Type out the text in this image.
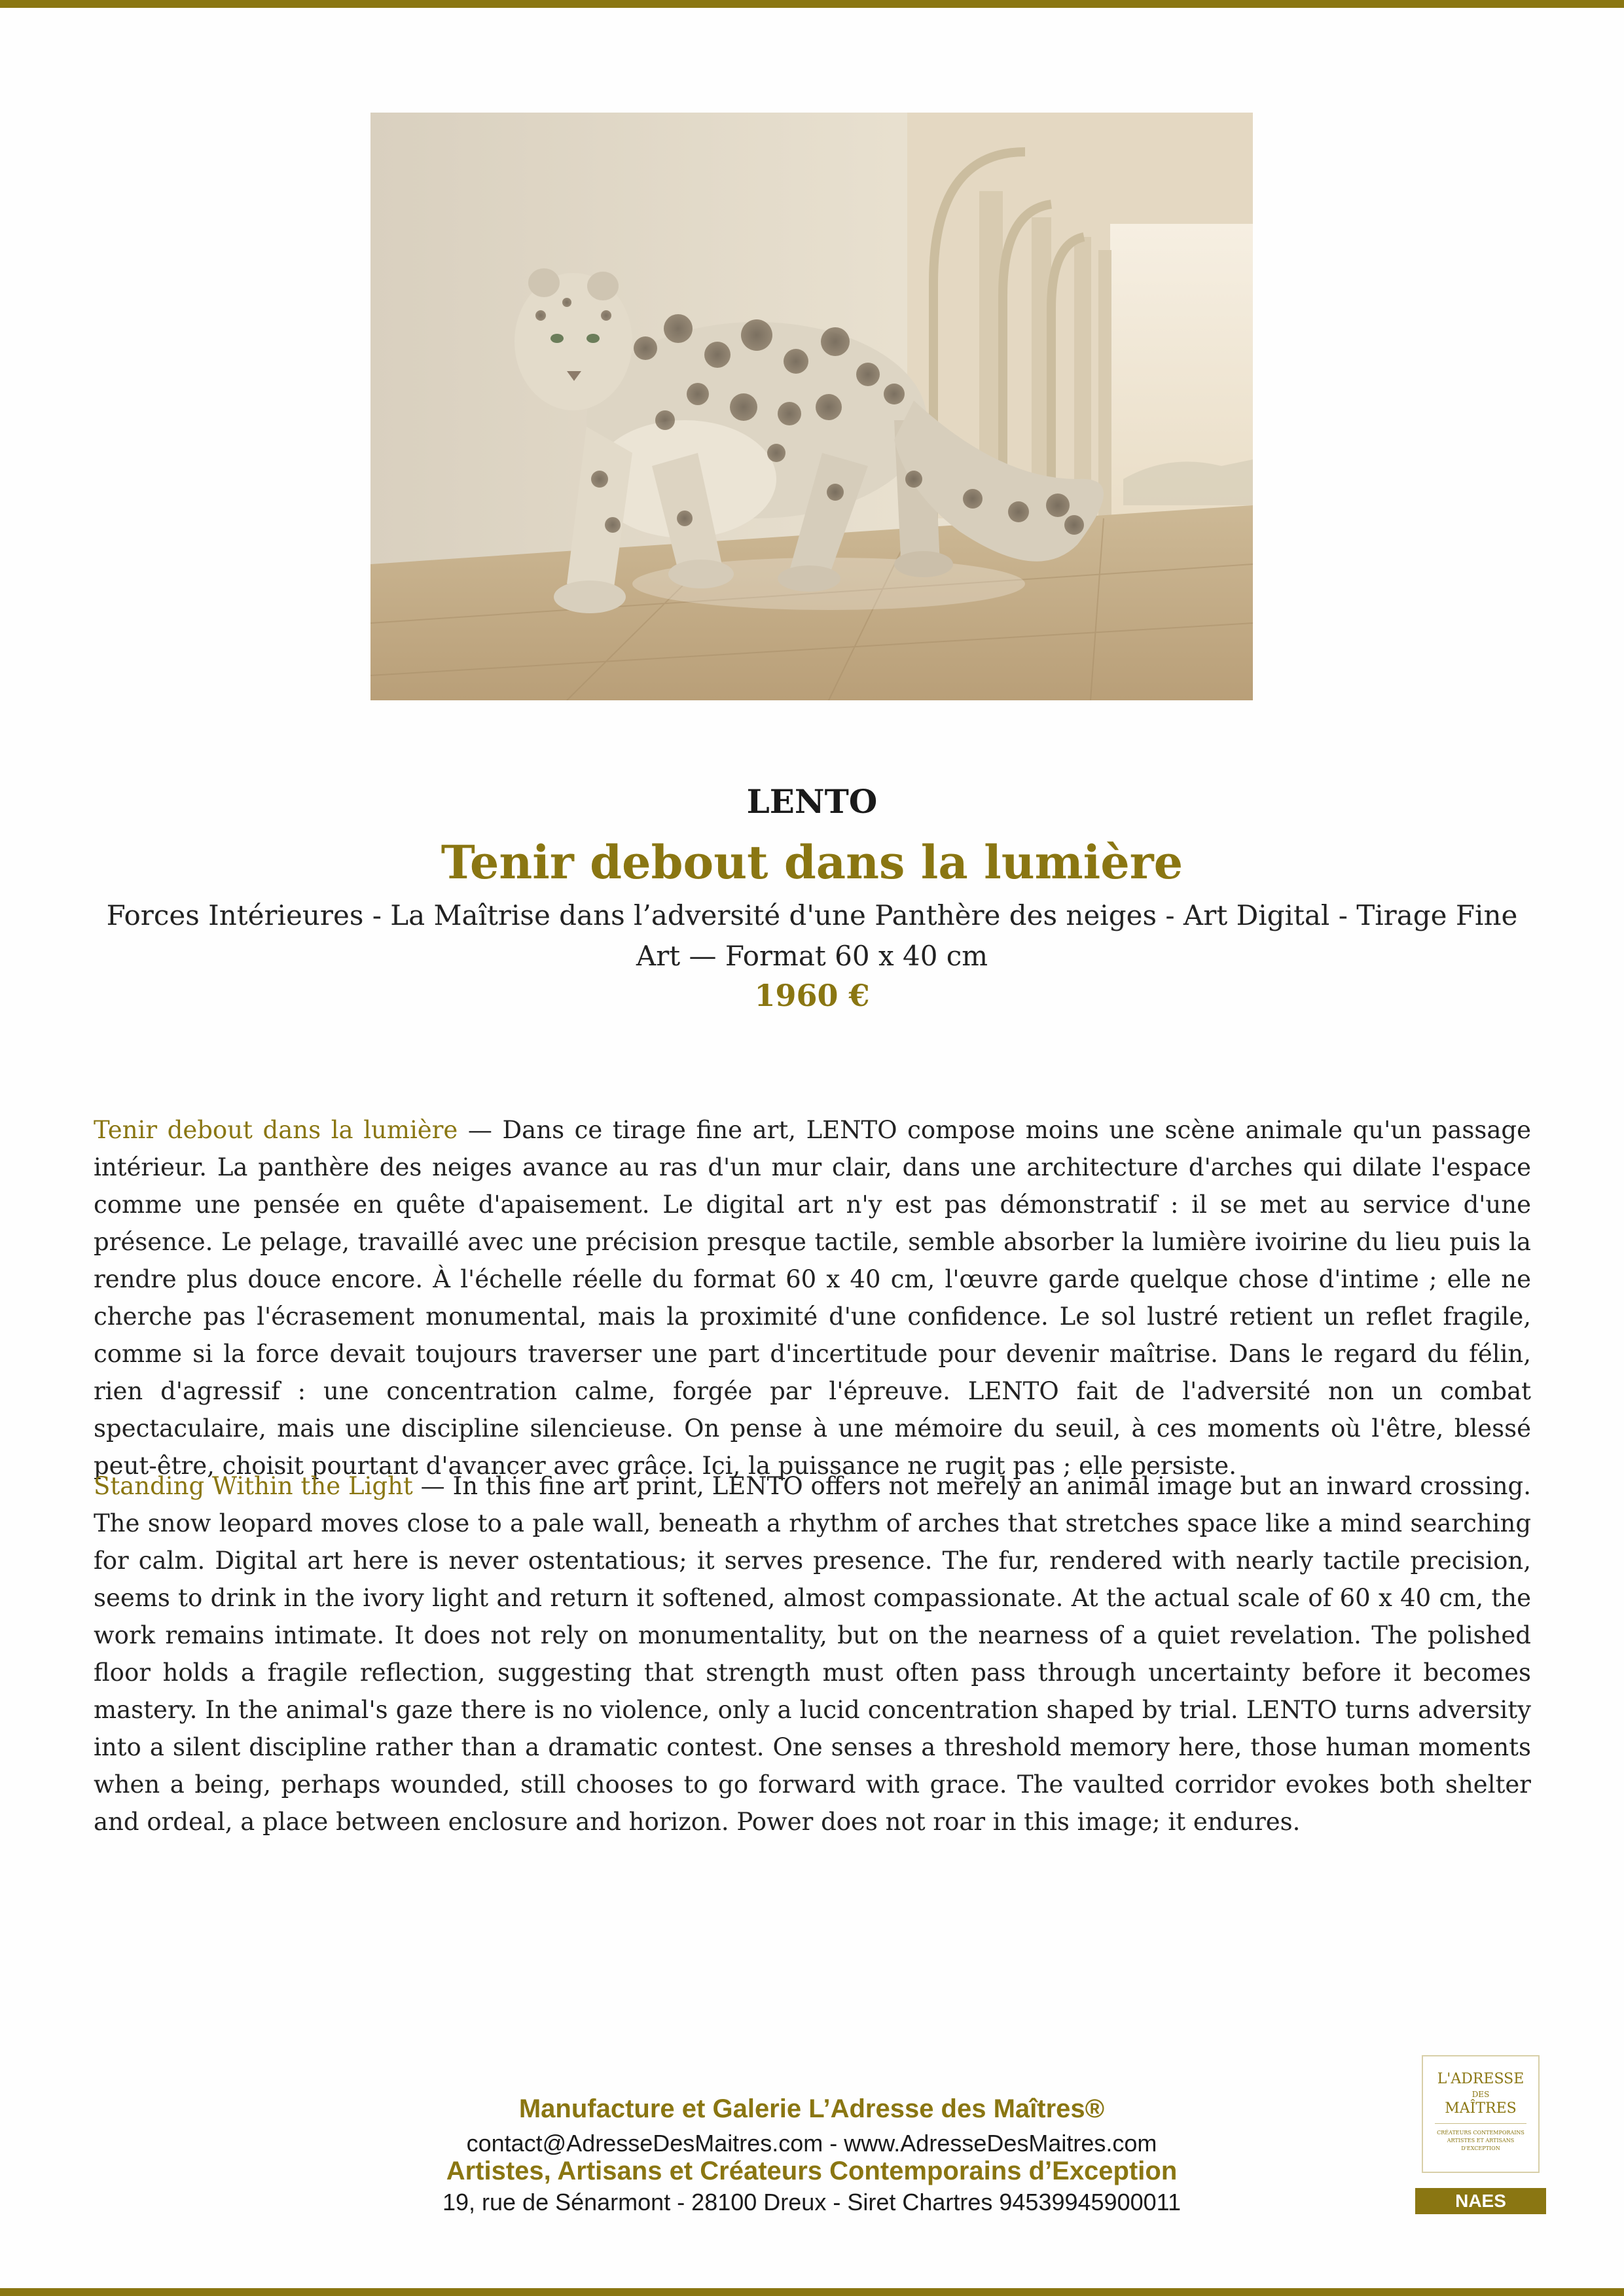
LENTO
Tenir debout dans la lumière
Forces Intérieures - La Maîtrise dans l’adversité d'une Panthère des neiges - Art Digital - Tirage Fine Art — Format 60 x 40 cm
1960 €
Tenir debout dans la lumière — Dans ce tirage fine art, LENTO compose moins une scène animale qu'un passage intérieur. La panthère des neiges avance au ras d'un mur clair, dans une architecture d'arches qui dilate l'espace comme une pensée en quête d'apaisement. Le digital art n'y est pas démonstratif : il se met au service d'une présence. Le pelage, travaillé avec une précision presque tactile, semble absorber la lumière ivoirine du lieu puis la rendre plus douce encore. À l'échelle réelle du format 60 x 40 cm, l'œuvre garde quelque chose d'intime ; elle ne cherche pas l'écrasement monumental, mais la proximité d'une confidence. Le sol lustré retient un reflet fragile, comme si la force devait toujours traverser une part d'incertitude pour devenir maîtrise. Dans le regard du félin, rien d'agressif : une concentration calme, forgée par l'épreuve. LENTO fait de l'adversité non un combat spectaculaire, mais une discipline silencieuse. On pense à une mémoire du seuil, à ces moments où l'être, blessé peut-être, choisit pourtant d'avancer avec grâce. Ici, la puissance ne rugit pas ; elle persiste.
Standing Within the Light — In this fine art print, LENTO offers not merely an animal image but an inward crossing. The snow leopard moves close to a pale wall, beneath a rhythm of arches that stretches space like a mind searching for calm. Digital art here is never ostentatious; it serves presence. The fur, rendered with nearly tactile precision, seems to drink in the ivory light and return it softened, almost compassionate. At the actual scale of 60 x 40 cm, the work remains intimate. It does not rely on monumentality, but on the nearness of a quiet revelation. The polished floor holds a fragile reflection, suggesting that strength must often pass through uncertainty before it becomes mastery. In the animal's gaze there is no violence, only a lucid concentration shaped by trial. LENTO turns adversity into a silent discipline rather than a dramatic contest. One senses a threshold memory here, those human moments when a being, perhaps wounded, still chooses to go forward with grace. The vaulted corridor evokes both shelter and ordeal, a place between enclosure and horizon. Power does not roar in this image; it endures.
Manufacture et Galerie L’Adresse des Maîtres®
contact@AdresseDesMaitres.com - www.AdresseDesMaitres.com
Artistes, Artisans et Créateurs Contemporains d’Exception
19, rue de Sénarmont - 28100 Dreux - Siret Chartres 94539945900011
L'ADRESSE
DES
MAÎTRES
CRÉATEURS CONTEMPORAINS ARTISTES ET ARTISANS D'EXCEPTION
NAES
